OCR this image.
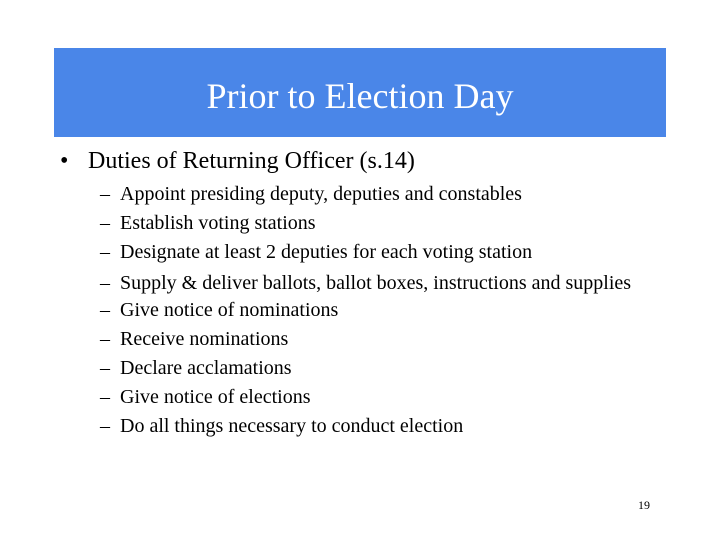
Prior to Election Day
• Duties of Returning Officer (s.14)
– Appoint presiding deputy, deputies and constables
– Establish voting stations
– Designate at least 2 deputies for each voting station
– Supply & deliver ballots, ballot boxes, instructions and supplies
– Give notice of nominations
– Receive nominations
– Declare acclamations
– Give notice of elections
– Do all things necessary to conduct election
19
